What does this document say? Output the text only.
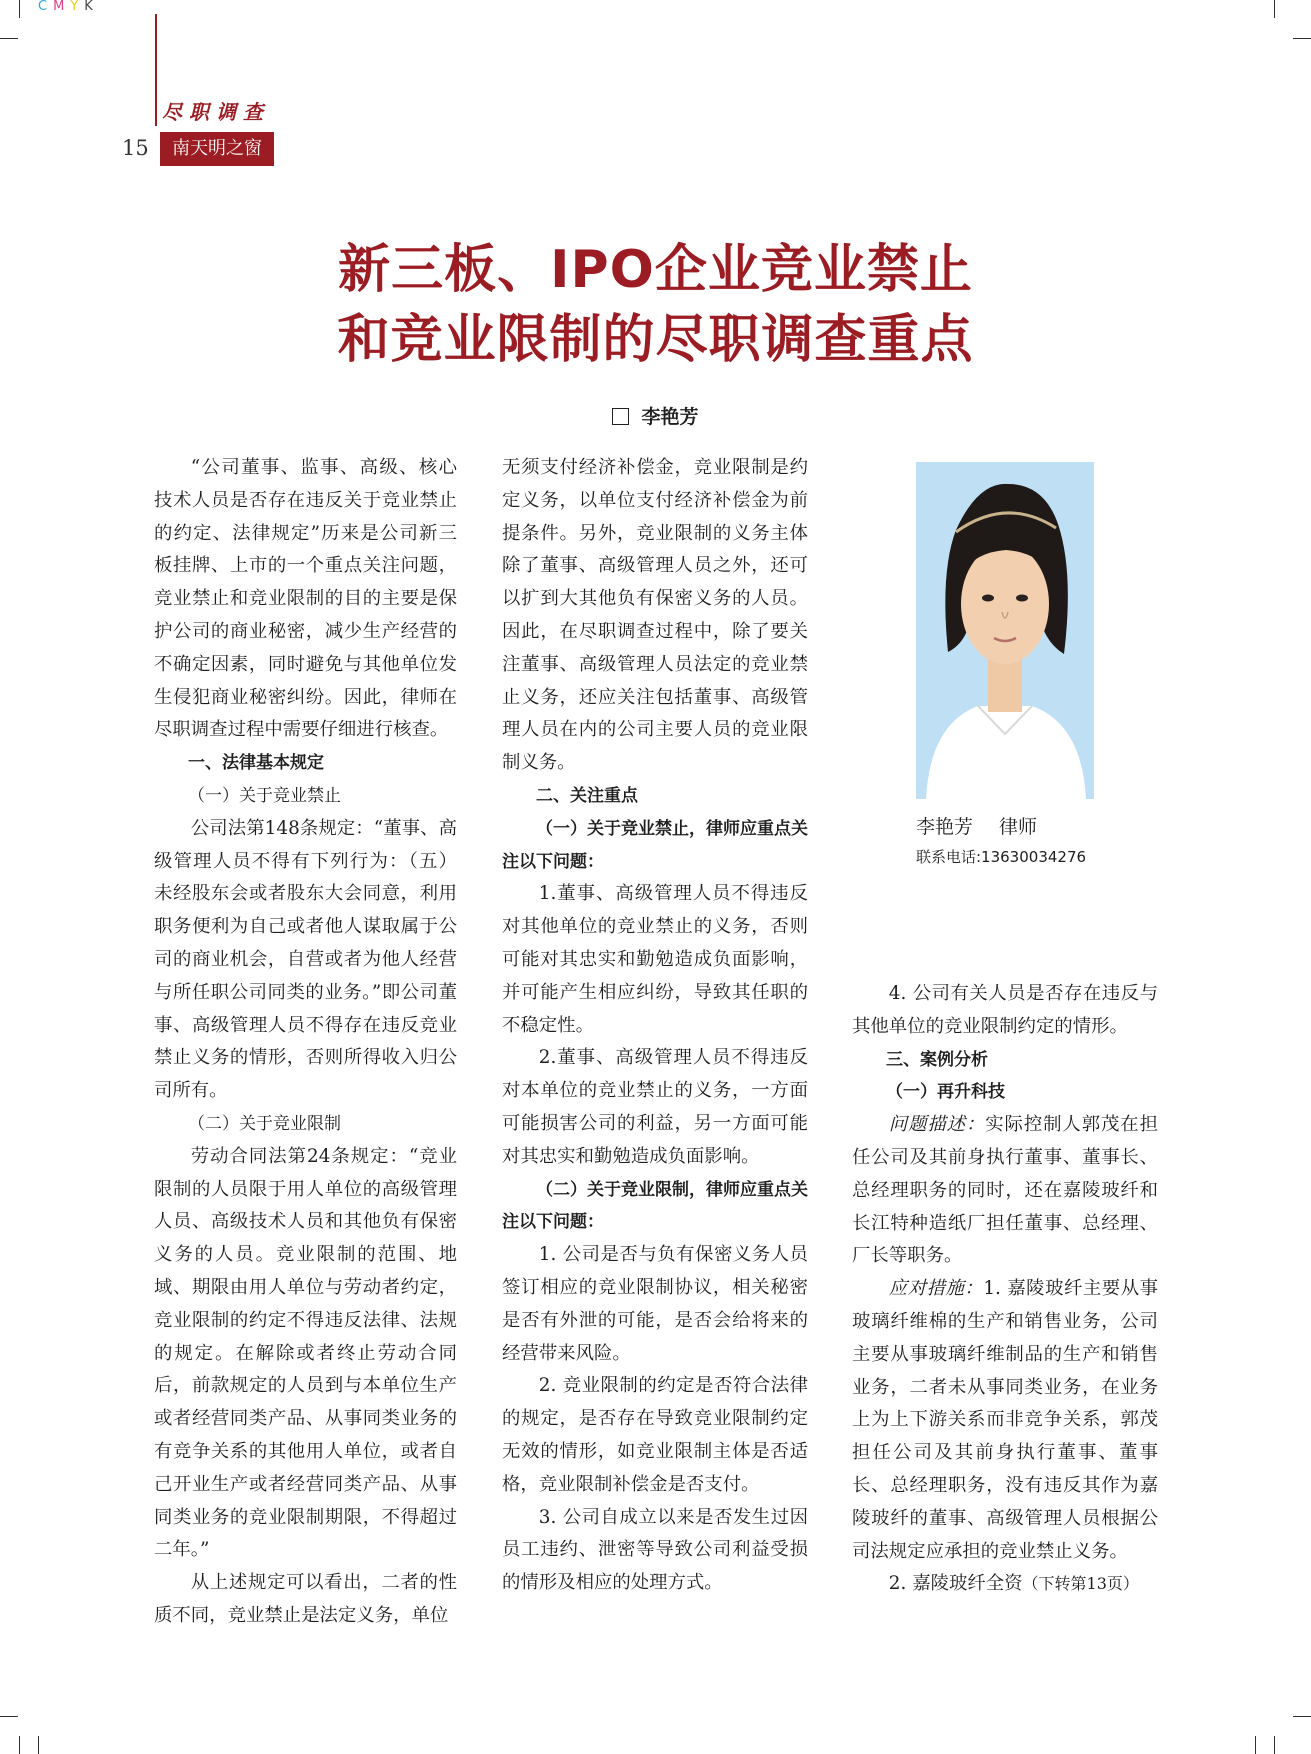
CMYK
尽职调查
15	南天明之窗
新三板、IPO企业竞业禁止
和竞业限制的尽职调查重点
李艳芳

“公司董事、监事、高级、核心技术人员是否存在违反关于竞业禁止的约定、法律规定”历来是公司新三板挂牌、上市的一个重点关注问题，竞业禁止和竞业限制的目的主要是保护公司的商业秘密，减少生产经营的不确定因素，同时避免与其他单位发生侵犯商业秘密纠纷。因此，律师在尽职调查过程中需要仔细进行核查。

一、法律基本规定

（一）关于竞业禁止

公司法第148条规定：“董事、高级管理人员不得有下列行为：（五）未经股东会或者股东大会同意，利用职务便利为自己或者他人谋取属于公司的商业机会，自营或者为他人经营与所任职公司同类的业务。”即公司董事、高级管理人员不得存在违反竞业禁止义务的情形，否则所得收入归公司所有。

（二）关于竞业限制

劳动合同法第24条规定：“竞业限制的人员限于用人单位的高级管理人员、高级技术人员和其他负有保密义务的人员。竞业限制的范围、地域、期限由用人单位与劳动者约定，竞业限制的约定不得违反法律、法规的规定。在解除或者终止劳动合同后，前款规定的人员到与本单位生产或者经营同类产品、从事同类业务的有竞争关系的其他用人单位，或者自己开业生产或者经营同类产品、从事同类业务的竞业限制期限，不得超过二年。”

从上述规定可以看出，二者的性质不同，竞业禁止是法定义务，单位

无须支付经济补偿金，竞业限制是约定义务，以单位支付经济补偿金为前提条件。另外，竞业限制的义务主体除了董事、高级管理人员之外，还可以扩到大其他负有保密义务的人员。因此，在尽职调查过程中，除了要关注董事、高级管理人员法定的竞业禁止义务，还应关注包括董事、高级管理人员在内的公司主要人员的竞业限制义务。

二、关注重点

（一）关于竞业禁止，律师应重点关注以下问题：

1.董事、高级管理人员不得违反对其他单位的竞业禁止的义务，否则可能对其忠实和勤勉造成负面影响，并可能产生相应纠纷，导致其任职的不稳定性。

2.董事、高级管理人员不得违反对本单位的竞业禁止的义务，一方面可能损害公司的利益，另一方面可能对其忠实和勤勉造成负面影响。

（二）关于竞业限制，律师应重点关注以下问题：

1. 公司是否与负有保密义务人员签订相应的竞业限制协议，相关秘密是否有外泄的可能，是否会给将来的经营带来风险。

2. 竞业限制的约定是否符合法律的规定，是否存在导致竞业限制约定无效的情形，如竞业限制主体是否适格，竞业限制补偿金是否支付。

3. 公司自成立以来是否发生过因员工违约、泄密等导致公司利益受损的情形及相应的处理方式。

李艳芳 律师
联系电话:13630034276

4. 公司有关人员是否存在违反与其他单位的竞业限制约定的情形。

三、案例分析

（一）再升科技

问题描述：实际控制人郭茂在担任公司及其前身执行董事、董事长、总经理职务的同时，还在嘉陵玻纤和长江特种造纸厂担任董事、总经理、厂长等职务。

应对措施：1. 嘉陵玻纤主要从事玻璃纤维棉的生产和销售业务，公司主要从事玻璃纤维制品的生产和销售业务，二者未从事同类业务，在业务上为上下游关系而非竞争关系，郭茂担任公司及其前身执行董事、董事长、总经理职务，没有违反其作为嘉陵玻纤的董事、高级管理人员根据公司法规定应承担的竞业禁止义务。

2. 嘉陵玻纤全资（下转第13页）
